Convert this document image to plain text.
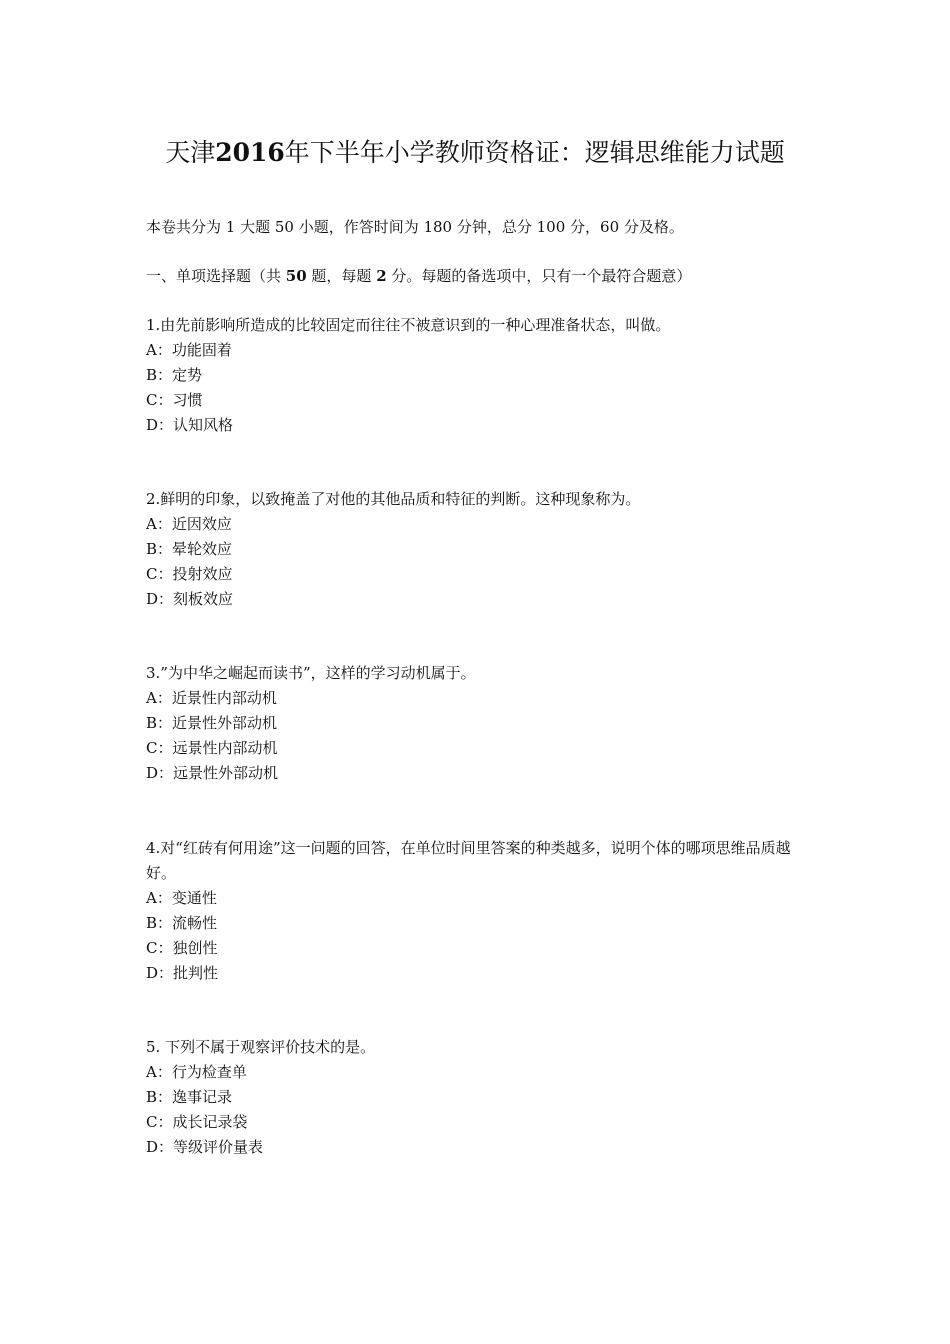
天津2016年下半年小学教师资格证：逻辑思维能力试题
本卷共分为 1 大题 50 小题，作答时间为 180 分钟，总分 100 分，60 分及格。
一、单项选择题（共 50 题，每题 2 分。每题的备选项中，只有一个最符合题意）
1.由先前影响所造成的比较固定而往往不被意识到的一种心理准备状态，叫做。
A：功能固着
B：定势
C：习惯
D：认知风格
2.鲜明的印象，以致掩盖了对他的其他品质和特征的判断。这种现象称为。
A：近因效应
B：晕轮效应
C：投射效应
D：刻板效应
3.”为中华之崛起而读书”，这样的学习动机属于。
A：近景性内部动机
B：近景性外部动机
C：远景性内部动机
D：远景性外部动机
4.对“红砖有何用途”这一问题的回答，在单位时间里答案的种类越多，说明个体的哪项思维品质越好。
A：变通性
B：流畅性
C：独创性
D：批判性
5. 下列不属于观察评价技术的是。
A：行为检查单
B：逸事记录
C：成长记录袋
D：等级评价量表
